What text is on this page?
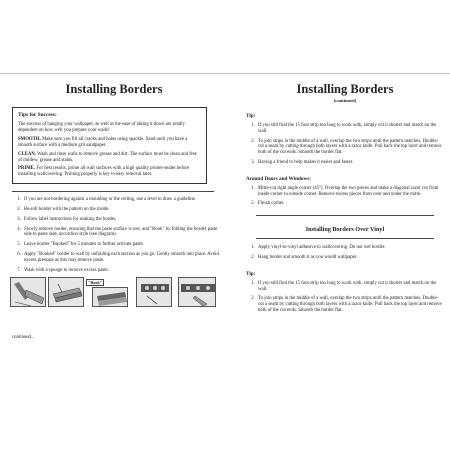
Installing Borders
Tips for Success:

The success of hanging your wallpaper, as well as the ease of taking it down are totally dependent on how well you prepare your walls!

SMOOTH. Make sure you fill all cracks and holes using spackle. Sand until you have a smooth surface with a medium grit sandpaper.

CLEAN. Wash and rinse walls to remove grease and dirt. The surface must be clean and free of mildew, grease and stains.

PRIME. For best results, prime all wall surfaces with a high quality primer-sealer before installing wallcovering. Priming properly is key to easy removal later.

1. If you are not bordering against a moulding or the ceiling, use a level to draw a guideline.
2. Re-roll border with the pattern on the inside.
3. Follow label instructions for soaking the border.
4. Slowly remove border, ensuring that the paste surface is wet, and "Book" by folding the border paste side to paste side, accordion style (see diagram).
5. Leave border "Booked" for 5 minutes to further activate paste.
6. Apply "Booked" border to wall by unfolding each section as you go. Gently smooth into place. Avoid excess pressure as this may remove paste.
7. Wash with a sponge to remove excess paste.
"Book"
continued...
Installing Borders
(continued)
Tip:
1. If you still find the 15 foot strip too long to work with, simply cut it shorter and match on the wall.
2. To join strips in the middle of a wall, overlap the two strips until the pattern matches. Double-cut a seam by cutting through both layers with a razor knife. Pull back the top layer and remove both of the cut ends. Smooth the border flat.
3. Having a friend to help makes it easier and faster.
Around Doors and Windows:
1. Mitre-cut right angle corner (45°). Overlap the two pieces and make a diagonal razor cut from inside corner to outside corner. Remove excess pieces from over and under the mitre.
2. Finish corner.
Installing Borders Over Vinyl
1. Apply vinyl-to-vinyl adhesive to wallcovering. Do not wet border.
2. Hang border and smooth it as you would wallpaper.
Tip:
1. If you still find the 15 foot strip too long to work with, simply cut it shorter and match on the wall.
2. To join strips in the middle of a wall, overlap the two strips until the pattern matches. Double-cut a seam by cutting through both layers with a razor knife. Pull back the top layer and remove both of the cut ends. Smooth the border flat.
